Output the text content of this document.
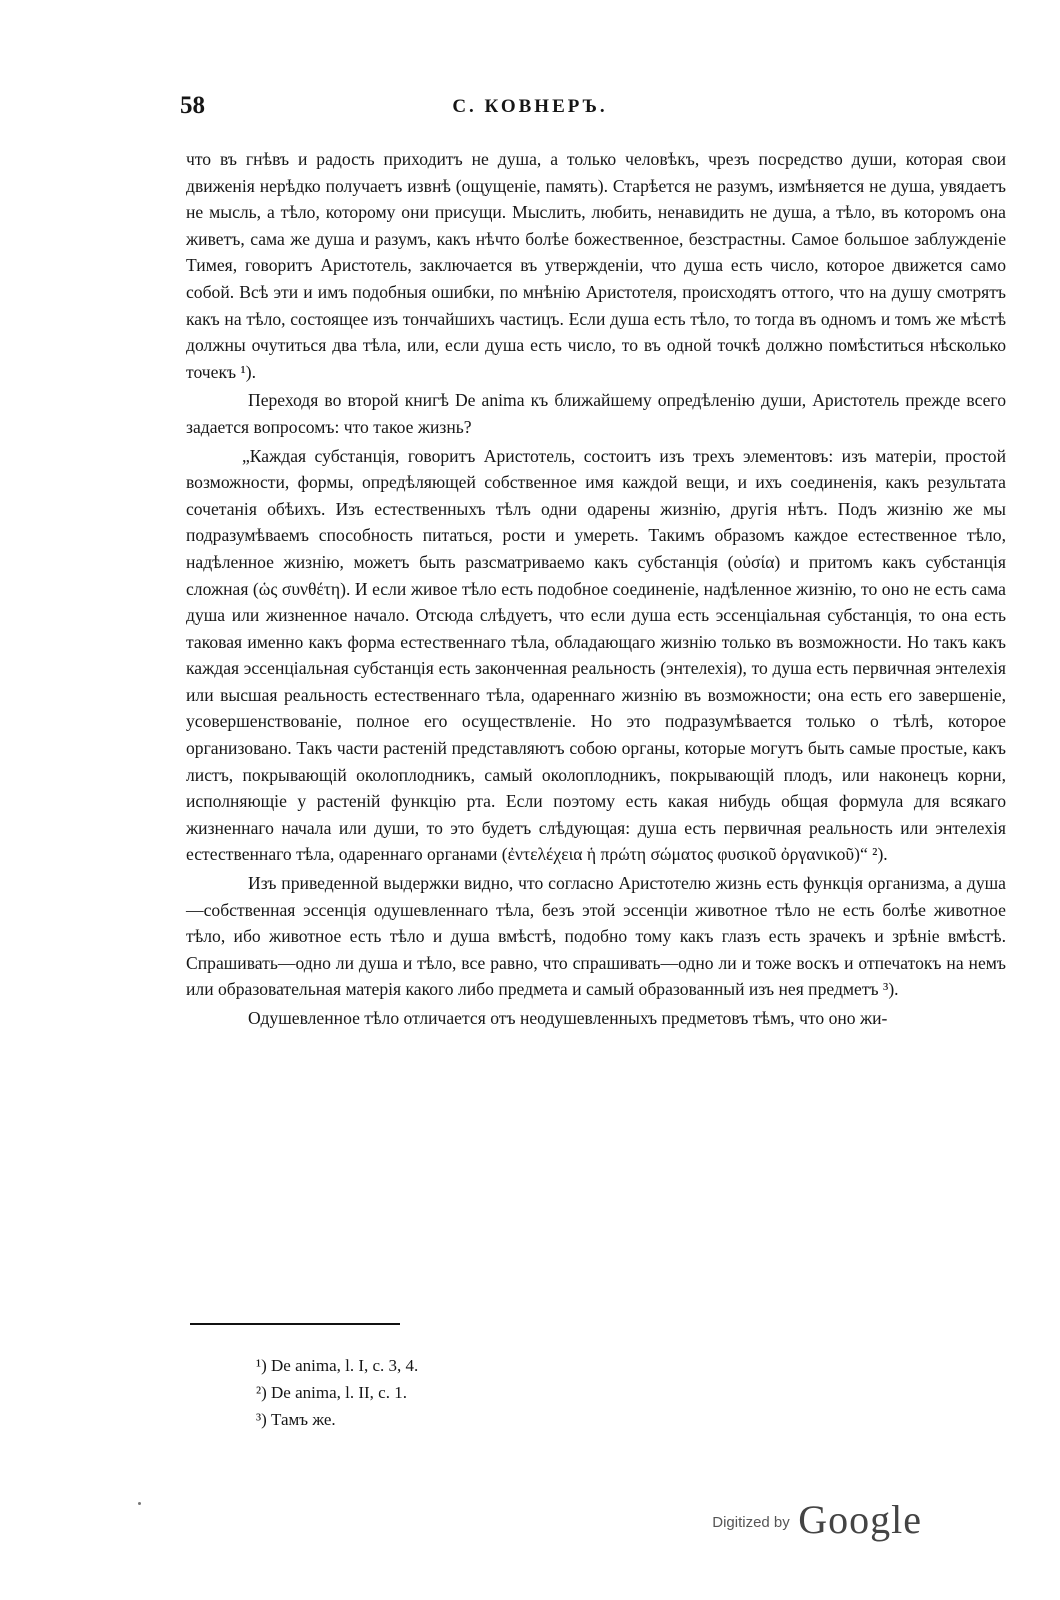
58	С. КОВНЕРЪ.

что въ гнѣвъ и радость приходитъ не душа, а только человѣкъ, чрезъ посредство души, которая свои движенія нерѣдко получаетъ извнѣ (ощущеніе, память). Старѣется не разумъ, измѣняется не душа, увядаетъ не мысль, а тѣло, которому они присущи. Мыслить, любить, ненавидить не душа, а тѣло, въ которомъ она живетъ, сама же душа и разумъ, какъ нѣчто болѣе божественное, безстрастны. Самое большое заблужденіе Тимея, говоритъ Аристотель, заключается въ утвержденіи, что душа есть число, которое движется само собой. Всѣ эти и имъ подобныя ошибки, по мнѣнію Аристотеля, происходятъ оттого, что на душу смотрятъ какъ на тѣло, состоящее изъ тончайшихъ частицъ. Если душа есть тѣло, то тогда въ одномъ и томъ же мѣстѣ должны очутиться два тѣла, или, если душа есть число, то въ одной точкѣ должно помѣститься нѣсколько точекъ ¹).

Переходя во второй книгѣ De anima къ ближайшему опредѣленію души, Аристотель прежде всего задается вопросомъ: что такое жизнь?

„Каждая субстанція, говоритъ Аристотель, состоитъ изъ трехъ элементовъ: изъ матеріи, простой возможности, формы, опредѣляющей собственное имя каждой вещи, и ихъ соединенія, какъ результата сочетанія обѣихъ. Изъ естественныхъ тѣлъ одни одарены жизнію, другія нѣтъ. Подъ жизнію же мы подразумѣваемъ способность питаться, рости и умереть. Такимъ образомъ каждое естественное тѣло, надѣленное жизнію, можетъ быть разсматриваемо какъ субстанція (οὐσία) и притомъ какъ субстанція сложная (ὡς συνθέτη). И если живое тѣло есть подобное соединеніе, надѣленное жизнію, то оно не есть сама душа или жизненное начало. Отсюда слѣдуетъ, что если душа есть эссенціальная субстанція, то она есть таковая именно какъ форма естественнаго тѣла, обладающаго жизнію только въ возможности. Но такъ какъ каждая эссенціальная субстанція есть законченная реальность (энтелехія), то душа есть первичная энтелехія или высшая реальность естественнаго тѣла, одареннаго жизнію въ возможности; она есть его завершеніе, усовершенствованіе, полное его осуществленіе. Но это подразумѣвается только о тѣлѣ, которое организовано. Такъ части растеній представляютъ собою органы, которые могутъ быть самые простые, какъ листъ, покрывающій околоплодникъ, самый околоплодникъ, покрывающій плодъ, или наконецъ корни, исполняющіе у растеній функцію рта. Если поэтому есть какая нибудь общая формула для всякаго жизненнаго начала или души, то это будетъ слѣдующая: душа есть первичная реальность или энтелехія естественнаго тѣла, одареннаго органами (ἐντελέχεια ἡ πρώτη σώματος φυσικοῦ ὀργανικοῦ)“ ²).

Изъ приведенной выдержки видно, что согласно Аристотелю жизнь есть функція организма, а душа—собственная эссенція одушевленнаго тѣла, безъ этой эссенціи животное тѣло не есть болѣе животное тѣло, ибо животное есть тѣло и душа вмѣстѣ, подобно тому какъ глазъ есть зрачекъ и зрѣніе вмѣстѣ. Спрашивать—одно ли душа и тѣло, все равно, что спрашивать—одно ли и тоже воскъ и отпечатокъ на немъ или образовательная матерія какого либо предмета и самый образованный изъ нея предметъ ³).

Одушевленное тѣло отличается отъ неодушевленныхъ предметовъ тѣмъ, что оно жи-

¹) De anima, l. I, c. 3, 4.
²) De anima, l. II, c. 1.
³) Тамъ же.
Digitized by Google
